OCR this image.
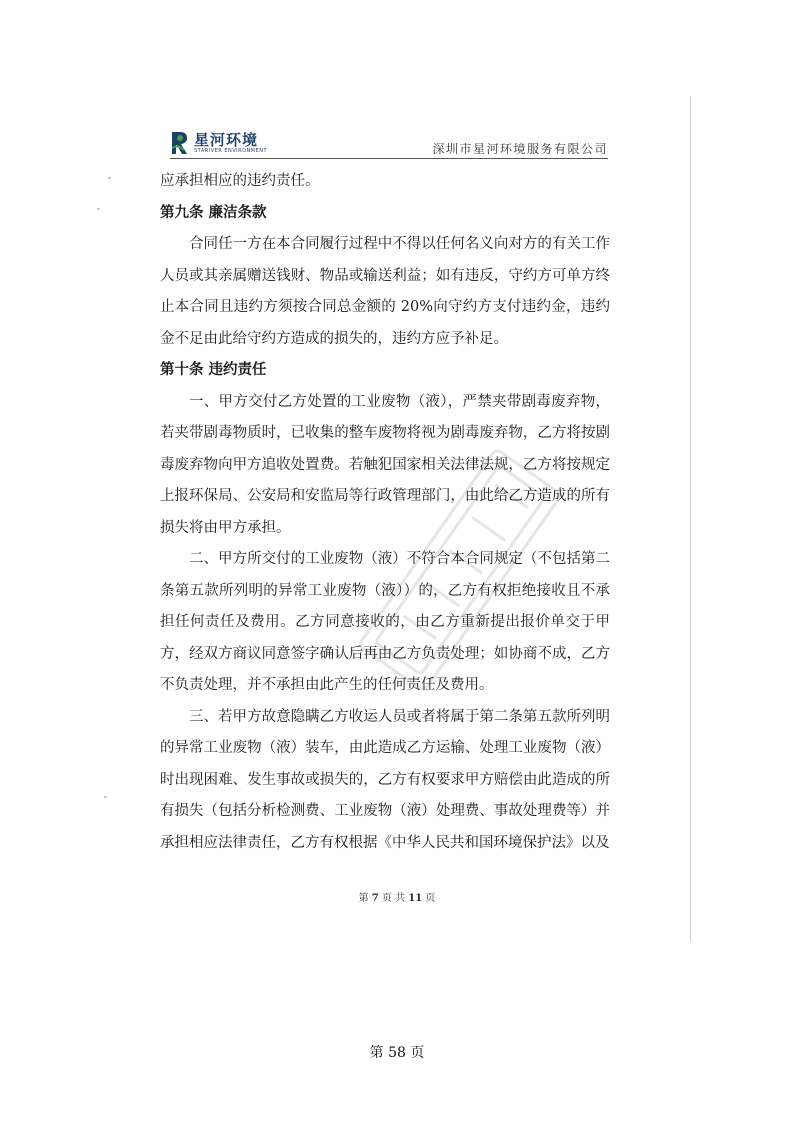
星河环境
STARIVER ENVIRONMENT	深圳市星河环境服务有限公司

应承担相应的违约责任。

第九条 廉洁条款

合同任一方在本合同履行过程中不得以任何名义向对方的有关工作人员或其亲属赠送钱财、物品或输送利益；如有违反，守约方可单方终止本合同且违约方须按合同总金额的 20%向守约方支付违约金，违约金不足由此给守约方造成的损失的，违约方应予补足。

第十条 违约责任

一、甲方交付乙方处置的工业废物（液），严禁夹带剧毒废弃物，若夹带剧毒物质时，已收集的整车废物将视为剧毒废弃物，乙方将按剧毒废弃物向甲方追收处置费。若触犯国家相关法律法规，乙方将按规定上报环保局、公安局和安监局等行政管理部门，由此给乙方造成的所有损失将由甲方承担。

二、甲方所交付的工业废物（液）不符合本合同规定（不包括第二条第五款所列明的异常工业废物（液））的，乙方有权拒绝接收且不承担任何责任及费用。乙方同意接收的，由乙方重新提出报价单交于甲方，经双方商议同意签字确认后再由乙方负责处理；如协商不成，乙方不负责处理，并不承担由此产生的任何责任及费用。

三、若甲方故意隐瞒乙方收运人员或者将属于第二条第五款所列明的异常工业废物（液）装车，由此造成乙方运输、处理工业废物（液）时出现困难、发生事故或损失的，乙方有权要求甲方赔偿由此造成的所有损失（包括分析检测费、工业废物（液）处理费、事故处理费等）并承担相应法律责任，乙方有权根据《中华人民共和国环境保护法》以及

第 7 页 共 11 页
第 58 页
